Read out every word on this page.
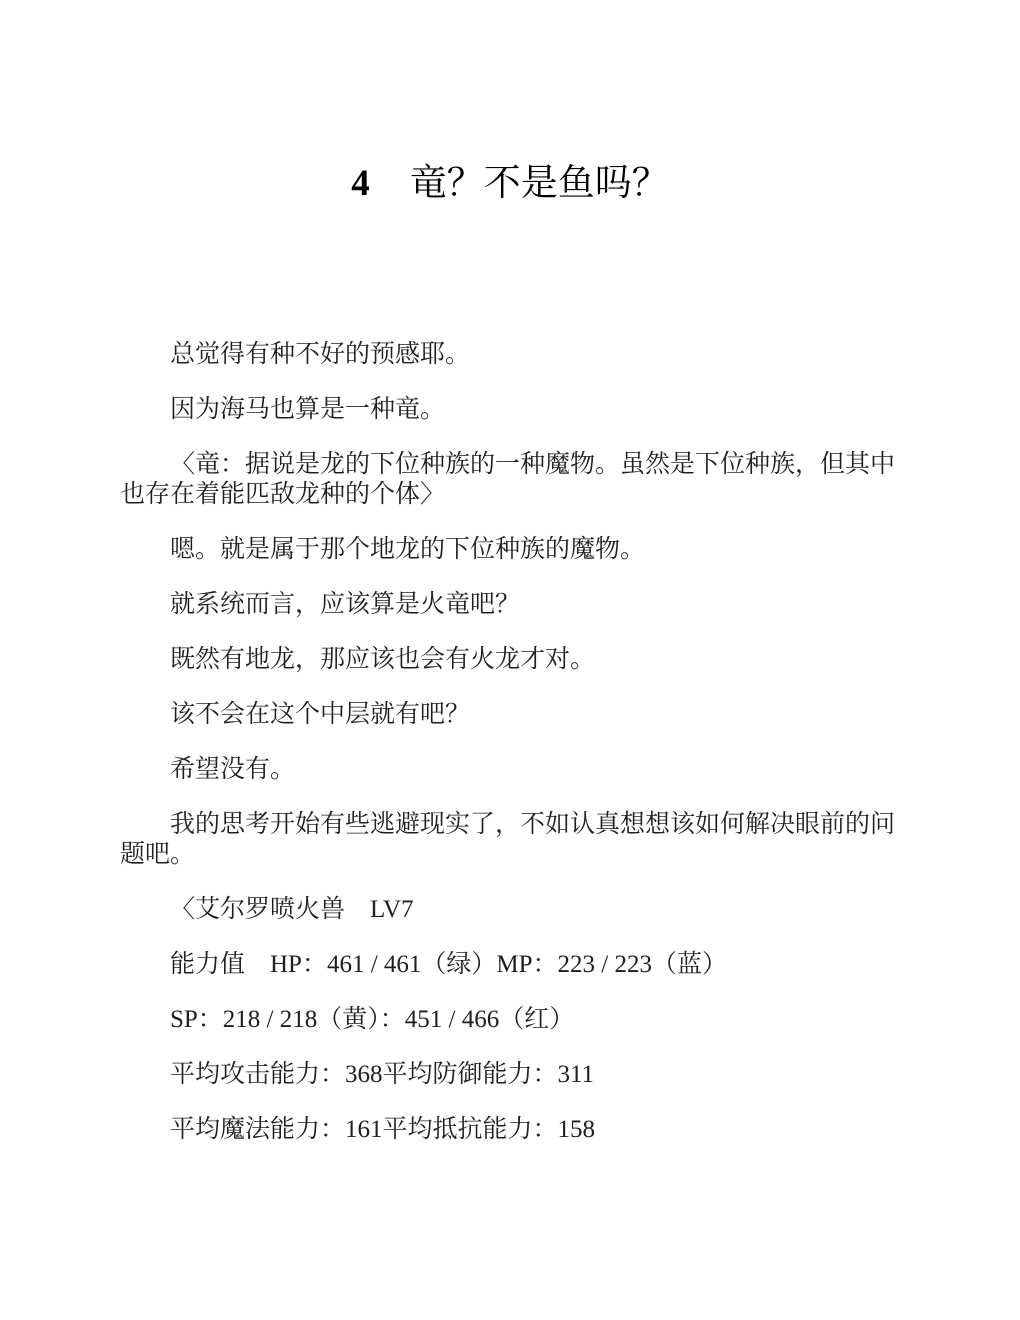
4 竜？不是鱼吗？

总觉得有种不好的预感耶。

因为海马也算是一种竜。

〈竜：据说是龙的下位种族的一种魔物。虽然是下位种族，但其中也存在着能匹敌龙种的个体〉

嗯。就是属于那个地龙的下位种族的魔物。

就系统而言，应该算是火竜吧？

既然有地龙，那应该也会有火龙才对。

该不会在这个中层就有吧？

希望没有。

我的思考开始有些逃避现实了，不如认真想想该如何解决眼前的问题吧。

〈艾尔罗喷火兽　LV7

能力值　HP：461 / 461（绿）MP：223 / 223（蓝）

SP：218 / 218（黄）：451 / 466（红）

平均攻击能力：368平均防御能力：311

平均魔法能力：161平均抵抗能力：158
